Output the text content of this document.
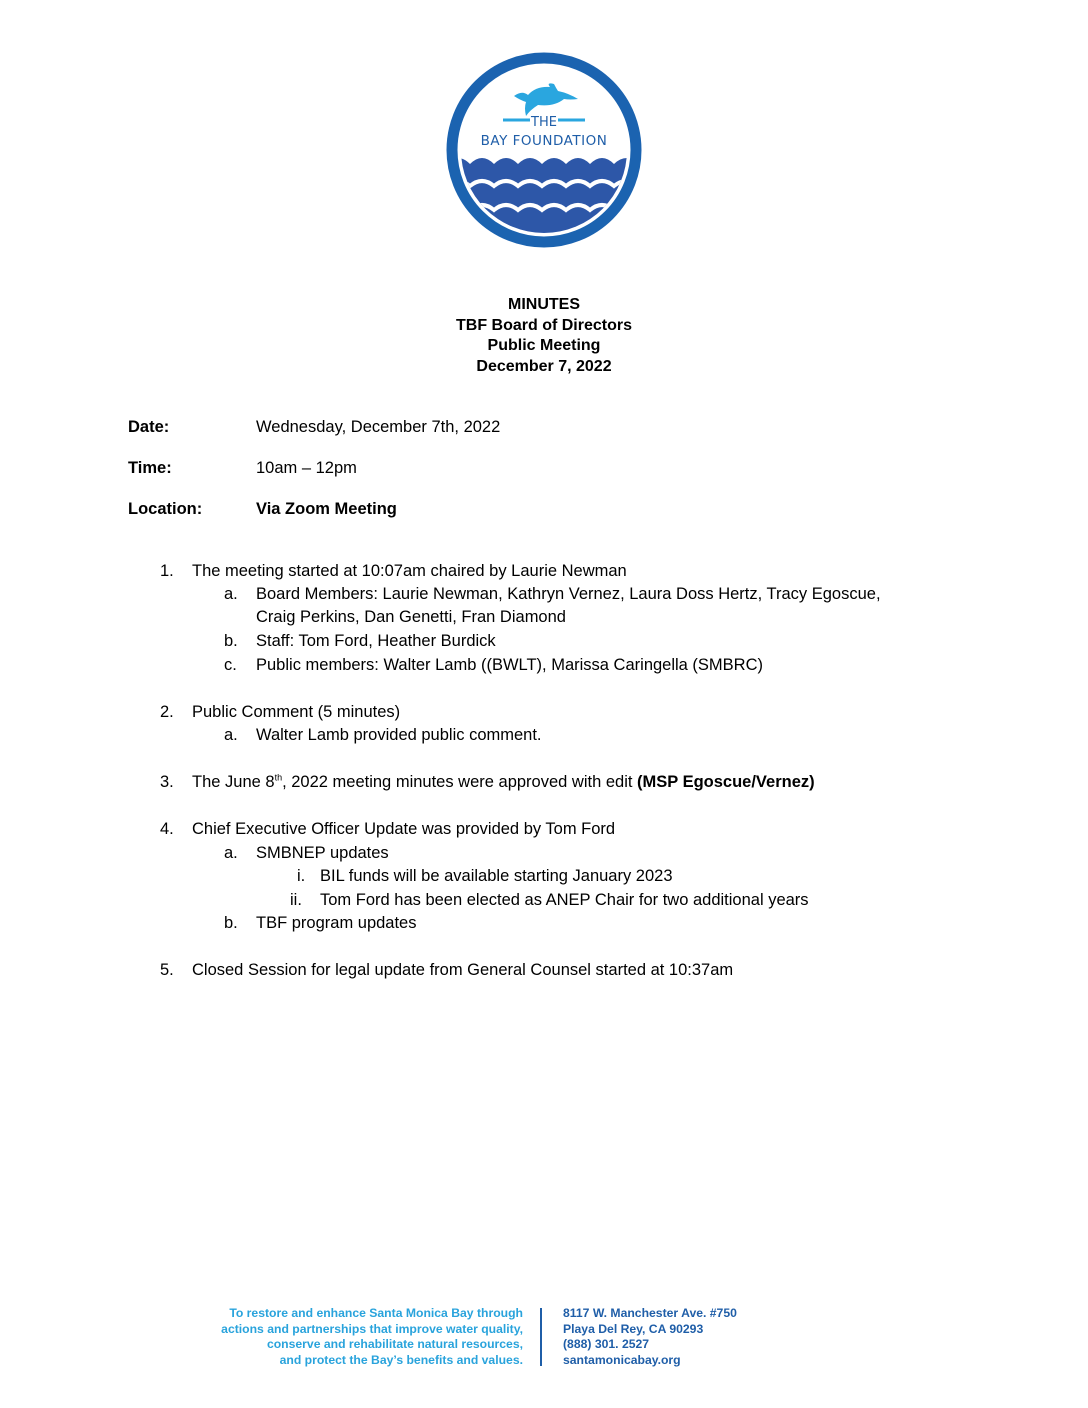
THE
BAY FOUNDATION
MINUTES
TBF Board of Directors
Public Meeting
December 7, 2022
Date:	Wednesday, December 7th, 2022
Time:	10am – 12pm
Location:	Via Zoom Meeting
1. The meeting started at 10:07am chaired by Laurie Newman
a. Board Members: Laurie Newman, Kathryn Vernez, Laura Doss Hertz, Tracy Egoscue,
Craig Perkins, Dan Genetti, Fran Diamond
b. Staff: Tom Ford, Heather Burdick
c. Public members: Walter Lamb ((BWLT), Marissa Caringella (SMBRC)
2. Public Comment (5 minutes)
a. Walter Lamb provided public comment.
3. The June 8th, 2022 meeting minutes were approved with edit (MSP Egoscue/Vernez)
4. Chief Executive Officer Update was provided by Tom Ford
a. SMBNEP updates
i. BIL funds will be available starting January 2023
ii. Tom Ford has been elected as ANEP Chair for two additional years
b. TBF program updates
5. Closed Session for legal update from General Counsel started at 10:37am
To restore and enhance Santa Monica Bay through
actions and partnerships that improve water quality,
conserve and rehabilitate natural resources,
and protect the Bay’s benefits and values.
8117 W. Manchester Ave. #750
Playa Del Rey, CA 90293
(888) 301. 2527
santamonicabay.org
